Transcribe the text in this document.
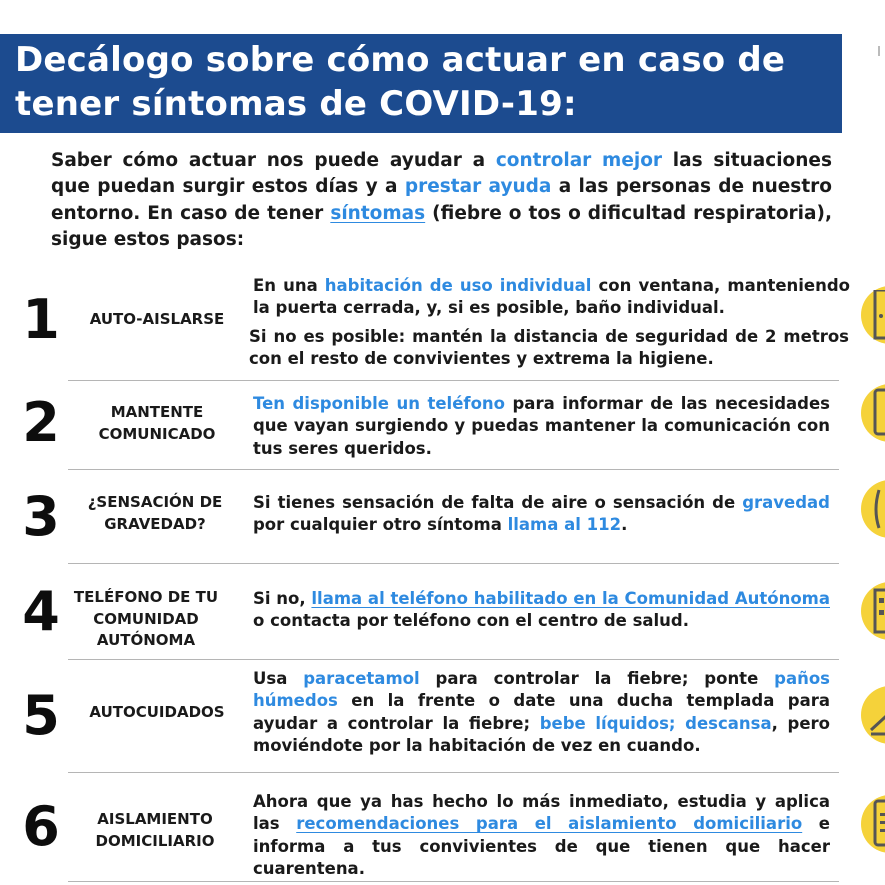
Decálogo sobre cómo actuar en caso de
tener síntomas de COVID-19:
Saber cómo actuar nos puede ayudar a controlar mejor las situaciones que puedan surgir estos días y a prestar ayuda a las personas de nuestro entorno. En caso de tener síntomas (fiebre o tos o dificultad respiratoria), sigue estos pasos:
1	AUTO-AISLARSE
En una habitación de uso individual con ventana, manteniendo la puerta cerrada, y, si es posible, baño individual.
Si no es posible: mantén la distancia de seguridad de 2 metros con el resto de convivientes y extrema la higiene.
2	MANTENTE COMUNICADO
Ten disponible un teléfono para informar de las necesidades que vayan surgiendo y puedas mantener la comunicación con tus seres queridos.
3	¿SENSACIÓN DE GRAVEDAD?
Si tienes sensación de falta de aire o sensación de gravedad por cualquier otro síntoma llama al 112.
4 TELÉFONO DE TU COMUNIDAD AUTÓNOMA
Si no, llama al teléfono habilitado en la Comunidad Autónoma o contacta por teléfono con el centro de salud.
5	AUTOCUIDADOS
Usa paracetamol para controlar la fiebre; ponte paños húmedos en la frente o date una ducha templada para ayudar a controlar la fiebre; bebe líquidos; descansa, pero moviéndote por la habitación de vez en cuando.
6	AISLAMIENTO DOMICILIARIO
Ahora que ya has hecho lo más inmediato, estudia y aplica las recomendaciones para el aislamiento domiciliario e informa a tus convivientes de que tienen que hacer cuarentena.
